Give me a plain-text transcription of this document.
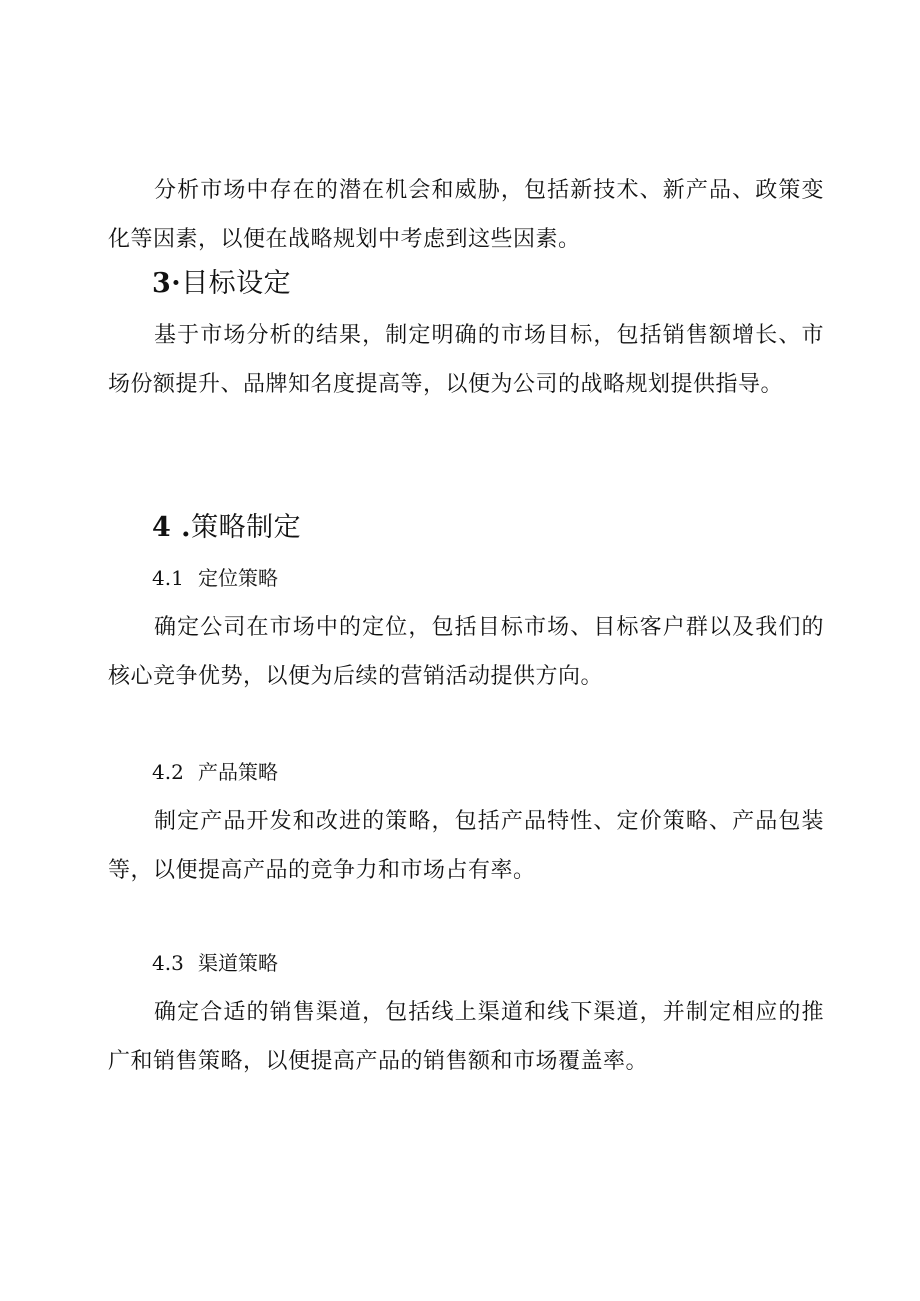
分析市场中存在的潜在机会和威胁，包括新技术、新产品、政策变化等因素，以便在战略规划中考虑到这些因素。

3·目标设定

基于市场分析的结果，制定明确的市场目标，包括销售额增长、市场份额提升、品牌知名度提高等，以便为公司的战略规划提供指导。

4 .策略制定
4.1 定位策略

确定公司在市场中的定位，包括目标市场、目标客户群以及我们的核心竞争优势，以便为后续的营销活动提供方向。

4.2 产品策略

制定产品开发和改进的策略，包括产品特性、定价策略、产品包装等，以便提高产品的竞争力和市场占有率。

4.3 渠道策略

确定合适的销售渠道，包括线上渠道和线下渠道，并制定相应的推广和销售策略，以便提高产品的销售额和市场覆盖率。
